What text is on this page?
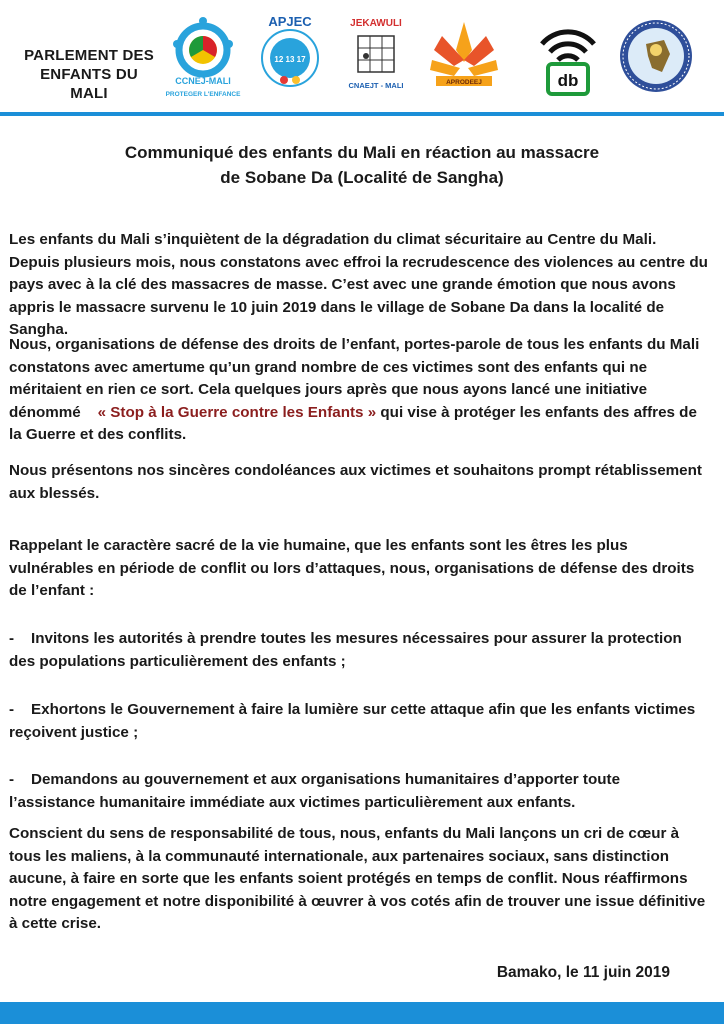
PARLEMENT DES
ENFANTS DU MALI
CCNEJ-MALI
PROTEGER L'ENFANCE
APJEC
12 13 17
JEKAWULI
CNAEJT - MALI	APRODEEJ	db
Communiqué des enfants du Mali en réaction au massacre
de Sobane Da (Localité de Sangha)

Les enfants du Mali s’inquiètent de la dégradation du climat sécuritaire au Centre du Mali. Depuis plusieurs mois, nous constatons avec effroi la recrudescence des violences au centre du pays avec à la clé des massacres de masse. C’est avec une grande émotion que nous avons appris le massacre survenu le 10 juin 2019 dans le village de Sobane Da dans la localité de Sangha.

Nous, organisations de défense des droits de l’enfant, portes-parole de tous les enfants du Mali constatons avec amertume qu’un grand nombre de ces victimes sont des enfants qui ne méritaient en rien ce sort. Cela quelques jours après que nous ayons lancé une initiative dénommé « Stop à la Guerre contre les Enfants » qui vise à protéger les enfants des affres de la Guerre et des conflits.

Nous présentons nos sincères condoléances aux victimes et souhaitons prompt rétablissement aux blessés.

Rappelant le caractère sacré de la vie humaine, que les enfants sont les êtres les plus vulnérables en période de conflit ou lors d’attaques, nous, organisations de défense des droits de l’enfant :

- Invitons les autorités à prendre toutes les mesures nécessaires pour assurer la protection des populations particulièrement des enfants ;

- Exhortons le Gouvernement à faire la lumière sur cette attaque afin que les enfants victimes reçoivent justice ;

- Demandons au gouvernement et aux organisations humanitaires d’apporter toute l’assistance humanitaire immédiate aux victimes particulièrement aux enfants.

Conscient du sens de responsabilité de tous, nous, enfants du Mali lançons un cri de cœur à tous les maliens, à la communauté internationale, aux partenaires sociaux, sans distinction aucune, à faire en sorte que les enfants soient protégés en temps de conflit. Nous réaffirmons notre engagement et notre disponibilité à œuvrer à vos cotés afin de trouver une issue définitive à cette crise.

Bamako, le 11 juin 2019
